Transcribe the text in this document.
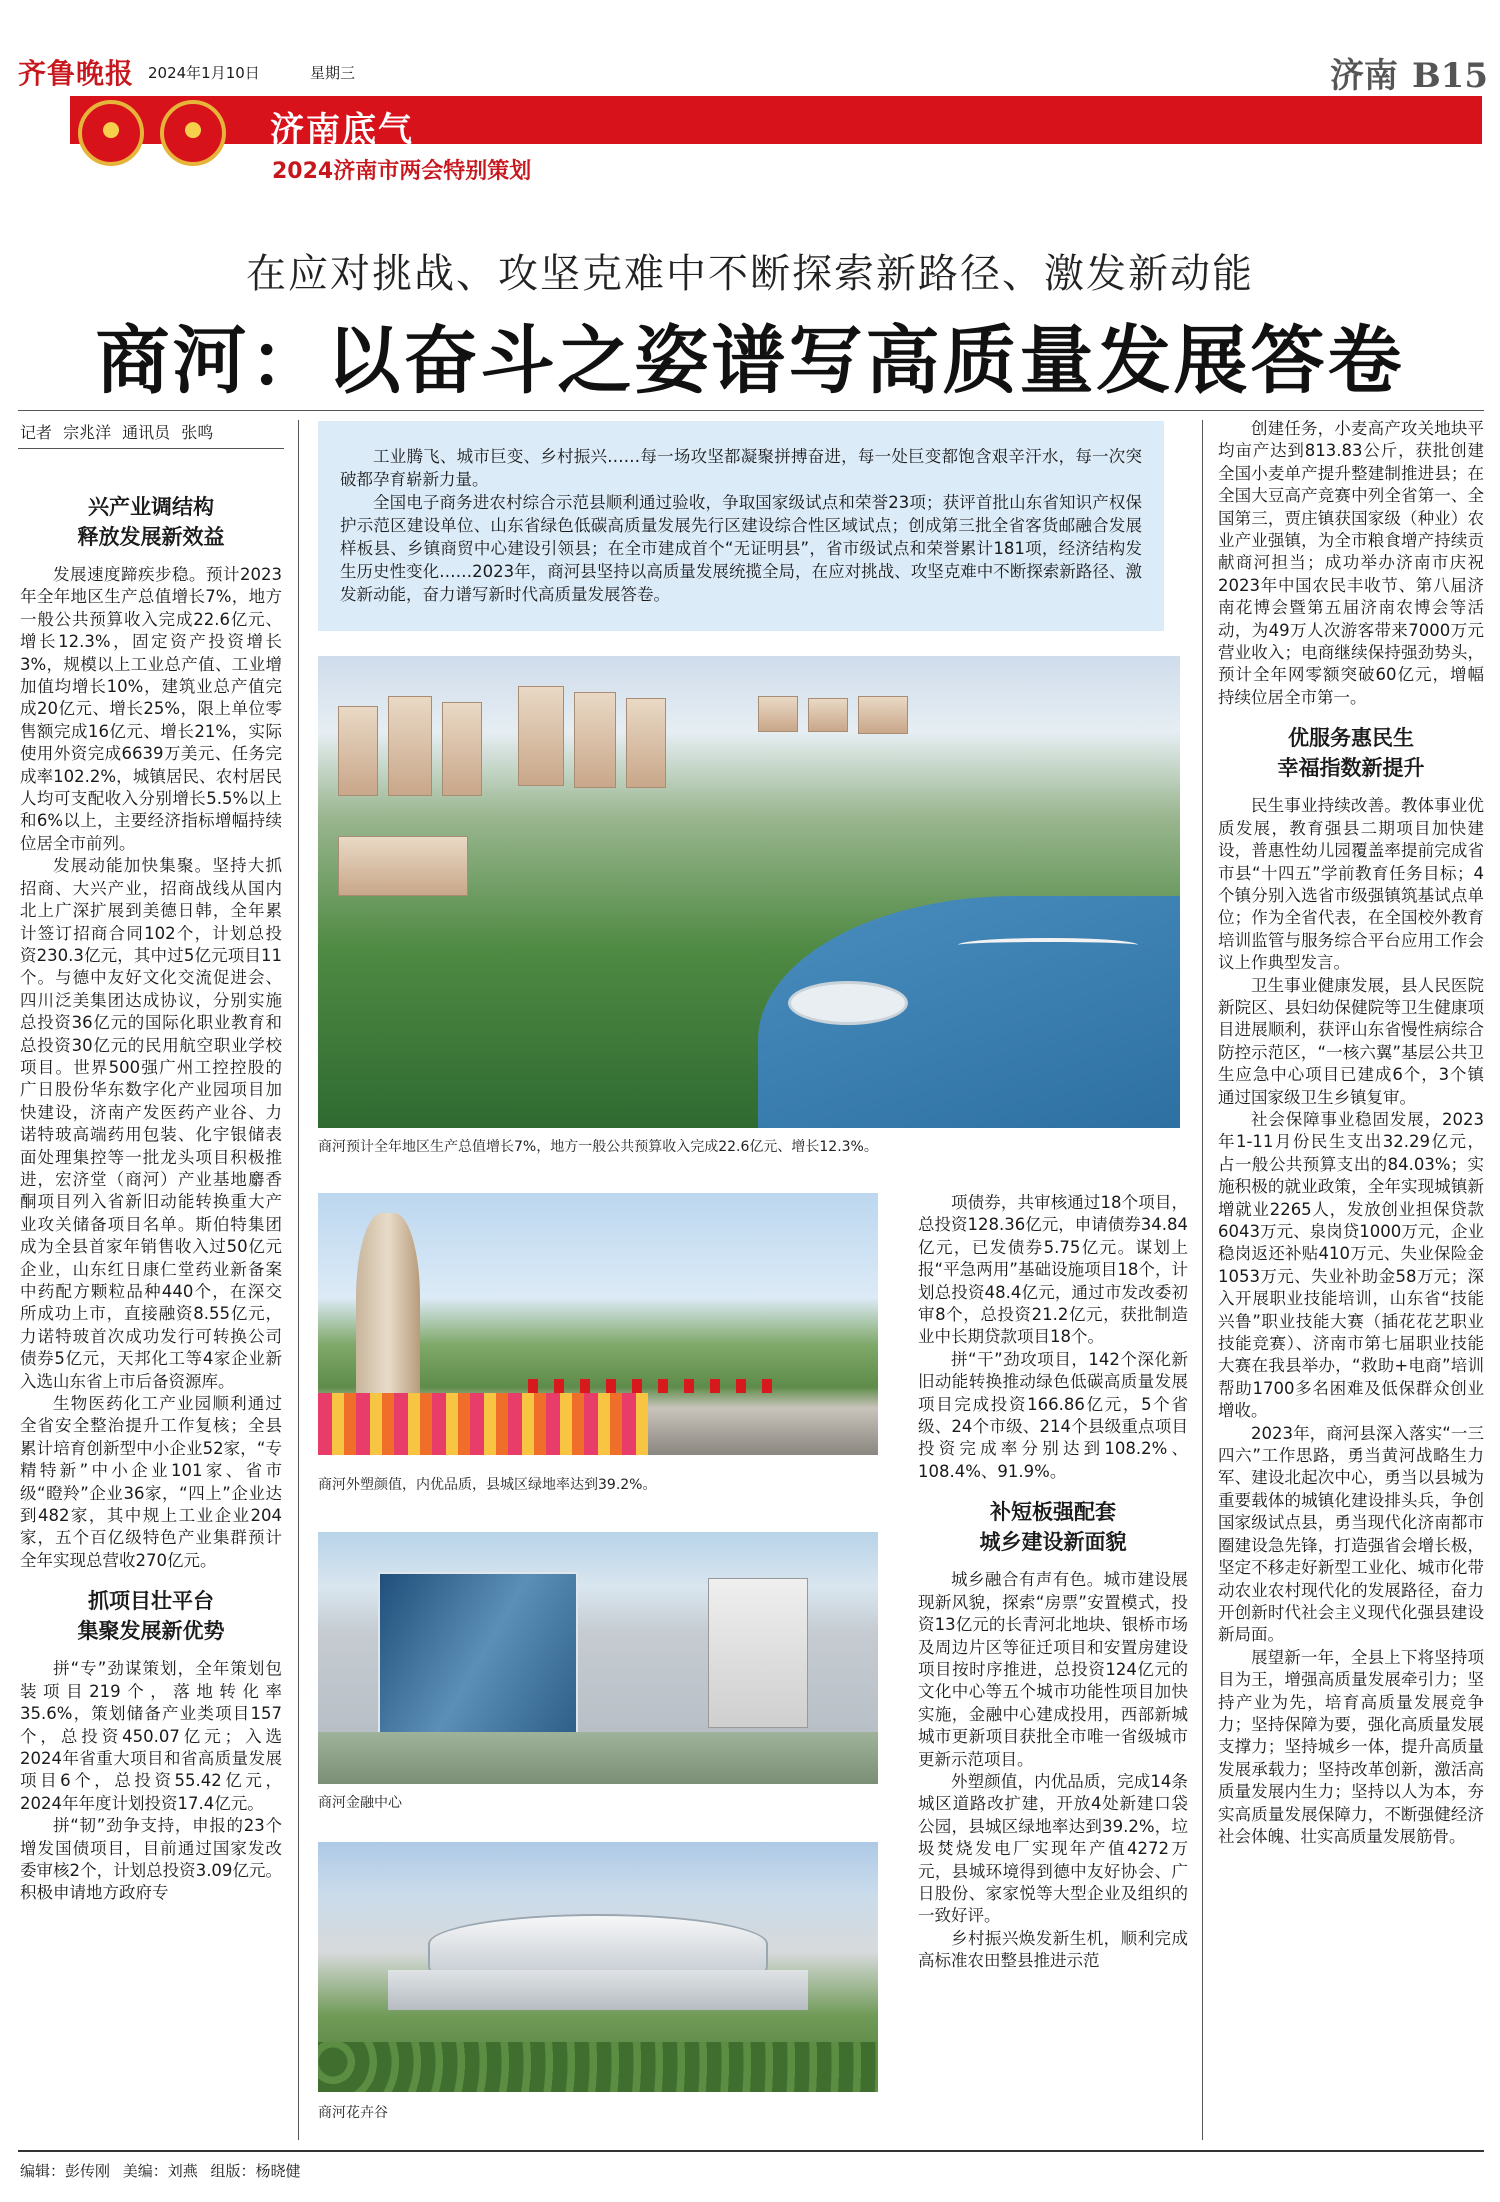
齐鲁晚报 2024年1月10日	星期三	济南 B15
济南底气
2024济南市两会特别策划
在应对挑战、攻坚克难中不断探索新路径、激发新动能
商河：以奋斗之姿谱写高质量发展答卷
记者 宗兆洋 通讯员 张鸣
兴产业调结构
释放发展新效益

发展速度蹄疾步稳。预计2023年全年地区生产总值增长7%，地方一般公共预算收入完成22.6亿元、增长12.3%，固定资产投资增长3%，规模以上工业总产值、工业增加值均增长10%，建筑业总产值完成20亿元、增长25%，限上单位零售额完成16亿元、增长21%，实际使用外资完成6639万美元、任务完成率102.2%，城镇居民、农村居民人均可支配收入分别增长5.5%以上和6%以上，主要经济指标增幅持续位居全市前列。

发展动能加快集聚。坚持大抓招商、大兴产业，招商战线从国内北上广深扩展到美德日韩，全年累计签订招商合同102个，计划总投资230.3亿元，其中过5亿元项目11个。与德中友好文化交流促进会、四川泛美集团达成协议，分别实施总投资36亿元的国际化职业教育和总投资30亿元的民用航空职业学校项目。世界500强广州工控控股的广日股份华东数字化产业园项目加快建设，济南产发医药产业谷、力诺特玻高端药用包装、化宇银储表面处理集控等一批龙头项目积极推进，宏济堂（商河）产业基地麝香酮项目列入省新旧动能转换重大产业攻关储备项目名单。斯伯特集团成为全县首家年销售收入过50亿元企业，山东红日康仁堂药业新备案中药配方颗粒品种440个，在深交所成功上市，直接融资8.55亿元，力诺特玻首次成功发行可转换公司债券5亿元，天邦化工等4家企业新入选山东省上市后备资源库。

生物医药化工产业园顺利通过全省安全整治提升工作复核；全县累计培育创新型中小企业52家，“专精特新”中小企业101家、省市级“瞪羚”企业36家，“四上”企业达到482家，其中规上工业企业204家，五个百亿级特色产业集群预计全年实现总营收270亿元。

抓项目壮平台
集聚发展新优势

拼“专”劲谋策划，全年策划包装项目219个，落地转化率35.6%，策划储备产业类项目157个，总投资450.07亿元；入选2024年省重大项目和省高质量发展项目6个，总投资55.42亿元，2024年年度计划投资17.4亿元。

拼“韧”劲争支持，申报的23个增发国债项目，目前通过国家发改委审核2个，计划总投资3.09亿元。积极申请地方政府专

工业腾飞、城市巨变、乡村振兴……每一场攻坚都凝聚拼搏奋进，每一处巨变都饱含艰辛汗水，每一次突破都孕育崭新力量。

全国电子商务进农村综合示范县顺利通过验收，争取国家级试点和荣誉23项；获评首批山东省知识产权保护示范区建设单位、山东省绿色低碳高质量发展先行区建设综合性区域试点；创成第三批全省客货邮融合发展样板县、乡镇商贸中心建设引领县；在全市建成首个“无证明县”，省市级试点和荣誉累计181项，经济结构发生历史性变化……2023年，商河县坚持以高质量发展统揽全局，在应对挑战、攻坚克难中不断探索新路径、激发新动能，奋力谱写新时代高质量发展答卷。

商河预计全年地区生产总值增长7%，地方一般公共预算收入完成22.6亿元、增长12.3%。
商河外塑颜值，内优品质，县城区绿地率达到39.2%。
商河金融中心
商河花卉谷

项债券，共审核通过18个项目，总投资128.36亿元，申请债券34.84亿元，已发债券5.75亿元。谋划上报“平急两用”基础设施项目18个，计划总投资48.4亿元，通过市发改委初审8个，总投资21.2亿元，获批制造业中长期贷款项目18个。

拼“干”劲攻项目，142个深化新旧动能转换推动绿色低碳高质量发展项目完成投资166.86亿元，5个省级、24个市级、214个县级重点项目投资完成率分别达到108.2%、108.4%、91.9%。

补短板强配套
城乡建设新面貌

城乡融合有声有色。城市建设展现新风貌，探索“房票”安置模式，投资13亿元的长青河北地块、银桥市场及周边片区等征迁项目和安置房建设项目按时序推进，总投资124亿元的文化中心等五个城市功能性项目加快实施，金融中心建成投用，西部新城城市更新项目获批全市唯一省级城市更新示范项目。

外塑颜值，内优品质，完成14条城区道路改扩建，开放4处新建口袋公园，县城区绿地率达到39.2%，垃圾焚烧发电厂实现年产值4272万元，县城环境得到德中友好协会、广日股份、家家悦等大型企业及组织的一致好评。

乡村振兴焕发新生机，顺利完成高标准农田整县推进示范

创建任务，小麦高产攻关地块平均亩产达到813.83公斤，获批创建全国小麦单产提升整建制推进县；在全国大豆高产竞赛中列全省第一、全国第三，贾庄镇获国家级（种业）农业产业强镇，为全市粮食增产持续贡献商河担当；成功举办济南市庆祝2023年中国农民丰收节、第八届济南花博会暨第五届济南农博会等活动，为49万人次游客带来7000万元营业收入；电商继续保持强劲势头，预计全年网零额突破60亿元，增幅持续位居全市第一。

优服务惠民生
幸福指数新提升

民生事业持续改善。教体事业优质发展，教育强县二期项目加快建设，普惠性幼儿园覆盖率提前完成省市县“十四五”学前教育任务目标；4个镇分别入选省市级强镇筑基试点单位；作为全省代表，在全国校外教育培训监管与服务综合平台应用工作会议上作典型发言。

卫生事业健康发展，县人民医院新院区、县妇幼保健院等卫生健康项目进展顺利，获评山东省慢性病综合防控示范区，“一核六翼”基层公共卫生应急中心项目已建成6个，3个镇通过国家级卫生乡镇复审。

社会保障事业稳固发展，2023年1-11月份民生支出32.29亿元，占一般公共预算支出的84.03%；实施积极的就业政策，全年实现城镇新增就业2265人，发放创业担保贷款6043万元、泉岗贷1000万元，企业稳岗返还补贴410万元、失业保险金1053万元、失业补助金58万元；深入开展职业技能培训，山东省“技能兴鲁”职业技能大赛（插花花艺职业技能竞赛）、济南市第七届职业技能大赛在我县举办，“救助+电商”培训帮助1700多名困难及低保群众创业增收。

2023年，商河县深入落实“一三四六”工作思路，勇当黄河战略生力军、建设北起次中心，勇当以县城为重要载体的城镇化建设排头兵，争创国家级试点县，勇当现代化济南都市圈建设急先锋，打造强省会增长极，坚定不移走好新型工业化、城市化带动农业农村现代化的发展路径，奋力开创新时代社会主义现代化强县建设新局面。

展望新一年，全县上下将坚持项目为王，增强高质量发展牵引力；坚持产业为先，培育高质量发展竞争力；坚持保障为要，强化高质量发展支撑力；坚持城乡一体，提升高质量发展承载力；坚持改革创新，激活高质量发展内生力；坚持以人为本，夯实高质量发展保障力，不断强健经济社会体魄、壮实高质量发展筋骨。

编辑：彭传刚 美编：刘燕 组版：杨晓健
